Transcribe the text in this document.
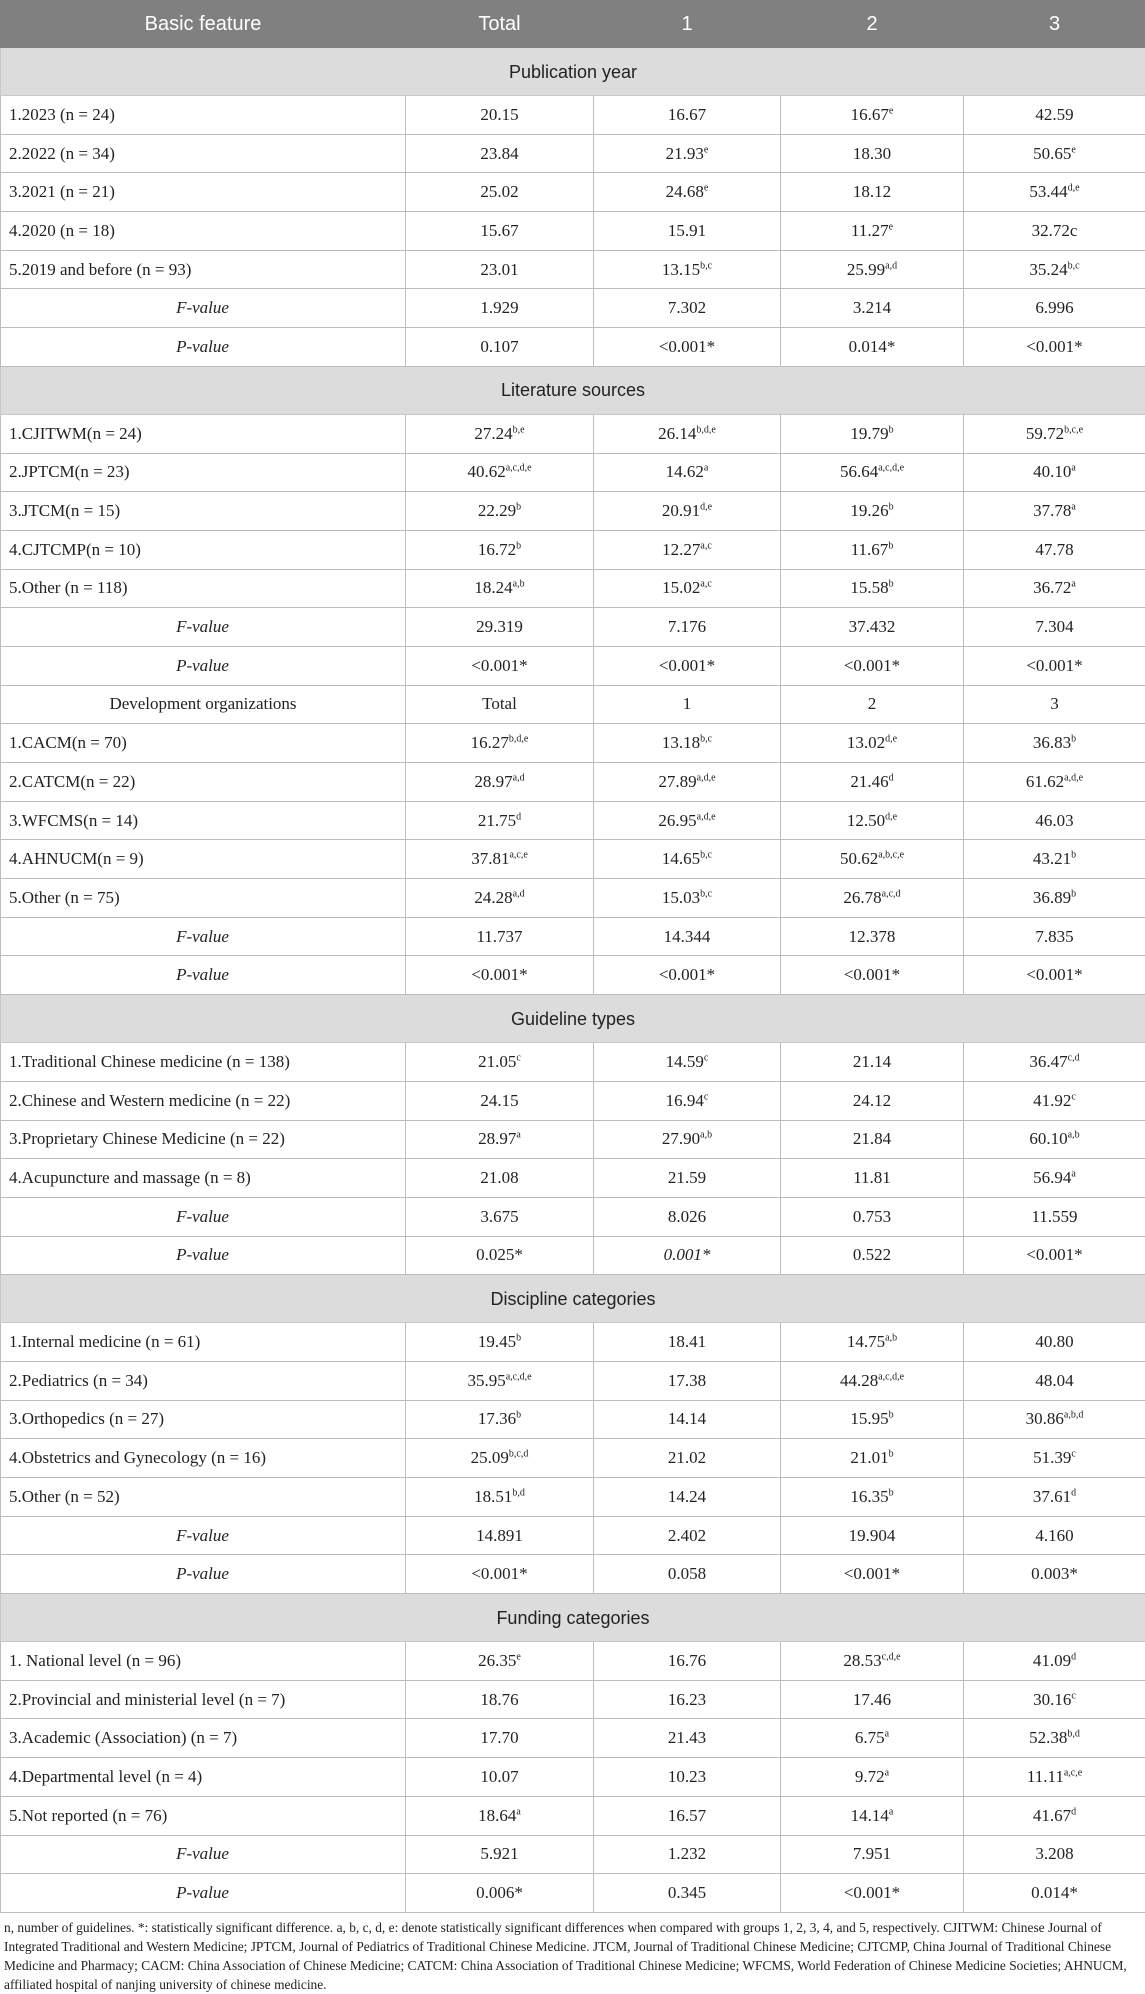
Basic feature	Total	1	2	3
Publication year				
1.2023 (n = 24)	20.15	16.67	16.67e	42.59
2.2022 (n = 34)	23.84	21.93e	18.30	50.65e
3.2021 (n = 21)	25.02	24.68e	18.12	53.44$^{d,e}$
4.2020 (n = 18)	15.67	15.91	11.27e	32.72c
5.2019 and before (n = 93)	23.01	13.15$^{b,c}$	25.99$^{a,d}$	35.24$^{b,c}$
F-value	1.929	7.302	3.214	6.996
P-value	0.107	<0.001*	0.014*	<0.001*
Literature sources				
1.CJITWM(n = 24)	27.24$^{b,e}$	26.14$^{b,d,e}$	19.79$^b$	59.72$^{b,c,e}$
2.JPTCM(n = 23)	40.62$^{a,c,d,e}$	14.62$^a$	56.64$^{a,c,d,e}$	40.10$^a$
3.JTCM(n = 15)	22.29$^b$	20.91$^{d,e}$	19.26$^b$	37.78$^a$
4.CJTCMP(n = 10)	16.72$^b$	12.27$^{a,c}$	11.67$^b$	47.78
5.Other (n = 118)	18.24$^{a,b}$	15.02$^{a,c}$	15.58$^b$	36.72$^a$
F-value	29.319	7.176	37.432	7.304
P-value	<0.001*	<0.001*	<0.001*	<0.001*
Development organizations	Total	1	2	3
1.CACM(n = 70)	16.27$^{b,d,e}$	13.18$^{b,c}$	13.02$^{d,e}$	36.83$^b$
2.CATCM(n = 22)	28.97$^{a,d}$	27.89$^{a,d,e}$	21.46$^d$	61.62$^{a,d,e}$
3.WFCMS(n = 14)	21.75$^d$	26.95$^{a,d,e}$	12.50$^{d,e}$	46.03
4.AHNUCM(n = 9)	37.81$^{a,c,e}$	14.65$^{b,c}$	50.62$^{a,b,c,e}$	43.21$^b$
5.Other (n = 75)	24.28$^{a,d}$	15.03$^{b,c}$	26.78$^{a,c,d}$	36.89$^b$
F-value	11.737	14.344	12.378	7.835
P-value	<0.001*	<0.001*	<0.001*	<0.001*
Guideline types				
1.Traditional Chinese medicine (n = 138)	21.05$^c$	14.59$^c$	21.14	36.47$^{c,d}$
2.Chinese and Western medicine (n = 22)	24.15	16.94$^c$	24.12	41.92$^c$
3.Proprietary Chinese Medicine (n = 22)	28.97$^a$	27.90$^{a,b}$	21.84	60.10$^{a,b}$
4.Acupuncture and massage (n = 8)	21.08	21.59	11.81	56.94$^a$
F-value	3.675	8.026	0.753	11.559
P-value	0.025*	0.001*	0.522	<0.001*
Discipline categories				
1.Internal medicine (n = 61)	19.45$^b$	18.41	14.75$^{a,b}$	40.80
2.Pediatrics (n = 34)	35.95$^{a,c,d,e}$	17.38	44.28$^{a,c,d,e}$	48.04
3.Orthopedics (n = 27)	17.36$^b$	14.14	15.95$^b$	30.86$^{a,b,d}$
4.Obstetrics and Gynecology (n = 16)	25.09$^{b,c,d}$	21.02	21.01$^b$	51.39$^c$
5.Other (n = 52)	18.51$^{b,d}$	14.24	16.35$^b$	37.61$^d$
F-value	14.891	2.402	19.904	4.160
P-value	<0.001*	0.058	<0.001*	0.003*
Funding categories				
1. National level (n = 96)	26.35e	16.76	28.53$^{c,d,e}$	41.09$^d$
2.Provincial and ministerial level (n = 7)	18.76	16.23	17.46	30.16$^c$
3.Academic (Association) (n = 7)	17.70	21.43	6.75$^a$	52.38$^{b,d}$
4.Departmental level (n = 4)	10.07	10.23	9.72$^a$	11.11$^{a,c,e}$
5.Not reported (n = 76)	18.64$^a$	16.57	14.14$^a$	41.67$^d$
F-value	5.921	1.232	7.951	3.208
P-value	0.006*	0.345	<0.001*	0.014*
n, number of guidelines. *: statistically significant difference. a, b, c, d, e: denote statistically significant differences when compared with groups 1, 2, 3, 4, and 5, respectively. CJITWM: Chinese Journal of Integrated Traditional and Western Medicine; JPTCM, Journal of Pediatrics of Traditional Chinese Medicine. JTCM, Journal of Traditional Chinese Medicine; CJTCMP, China Journal of Traditional Chinese Medicine and Pharmacy; CACM: China Association of Chinese Medicine; CATCM: China Association of Traditional Chinese Medicine; WFCMS, World Federation of Chinese Medicine Societies; AHNUCM, affiliated hospital of nanjing university of chinese medicine.
